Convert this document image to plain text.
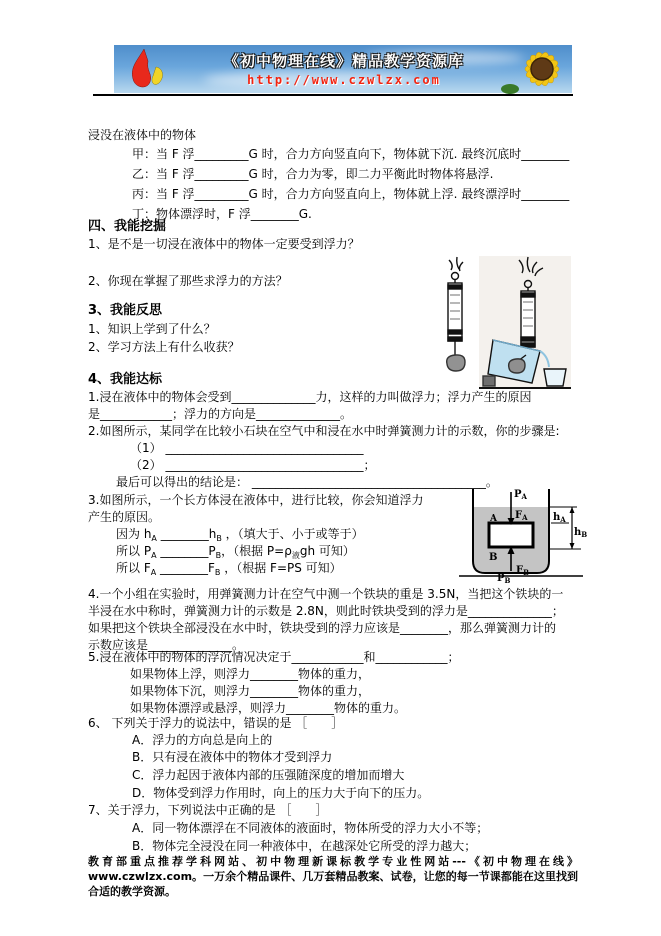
《初中物理在线》精品教学资源库
http://www.czwlzx.com
浸没在液体中的物体
甲：当 F 浮_________G 时，合力方向竖直向下，物体就下沉. 最终沉底时________
乙：当 F 浮_________G 时，合力为零，即二力平衡此时物体将悬浮.
丙：当 F 浮_________G 时，合力方向竖直向上，物体就上浮. 最终漂浮时________
丁：物体漂浮时，F 浮________G.
四、我能挖掘
1、是不是一切浸在液体中的物体一定要受到浮力？
2、你现在掌握了那些求浮力的方法？
3、我能反思
1、知识上学到了什么？
2、学习方法上有什么收获？
4、我能达标
1.浸在液体中的物体会受到______________力，这样的力叫做浮力；浮力产生的原因
是____________；浮力的方向是______________。
2.如图所示，某同学在比较小石块在空气中和浸在水中时弹簧测力计的示数，你的步骤是:
（1） _________________________________
（2） _________________________________；
最后可以得出的结论是： _______________________________________。
3.如图所示，一个长方体浸在液体中，进行比较，你会知道浮力
产生的原因。
因为 $h_A$ $\_\_\_\_\_\_\_\_h_B$ ，（填大于、小于或等于）
所以 $P_A$ $\_\_\_\_\_\_\_\_P_B$，（根据 $P=\rho_液gh$ 可知）
所以 $F_A$ $\_\_\_\_\_\_\_\_F_B$ ，（根据 F=PS 可知）
4.一个小组在实验时，用弹簧测力计在空气中测一个铁块的重是 3.5N，当把这个铁块的一
半浸在水中称时，弹簧测力计的示数是 2.8N，则此时铁块受到的浮力是______________；
如果把这个铁块全部浸没在水中时，铁块受到的浮力应该是________，那么弹簧测力计的
示数应该是______________。
5.浸在液体中的物体的浮沉情况决定于____________和____________；
如果物体上浮，则浮力________物体的重力，
如果物体下沉，则浮力________物体的重力，
如果物体漂浮或悬浮，则浮力________物体的重力。
6、 下列关于浮力的说法中，错误的是 ［　　］
A．浮力的方向总是向上的
B．只有浸在液体中的物体才受到浮力
C．浮力起因于液体内部的压强随深度的增加而增大
D．物体受到浮力作用时，向上的压力大于向下的压力。
7、关于浮力，下列说法中正确的是 ［　　］
A．同一物体漂浮在不同液体的液面时，物体所受的浮力大小不等；
B．物体完全浸没在同一种液体中，在越深处它所受的浮力越大；
$P_A$
$F_A$
A
B
$P_B$
$F_B$
$h_A$
$h_B$
教育部重点推荐学科网站、初中物理新课标教学专业性网站---《初中物理在线》www.czwlzx.com。一万余个精品课件、几万套精品教案、试卷，让您的每一节课都能在这里找到合适的教学资源。
